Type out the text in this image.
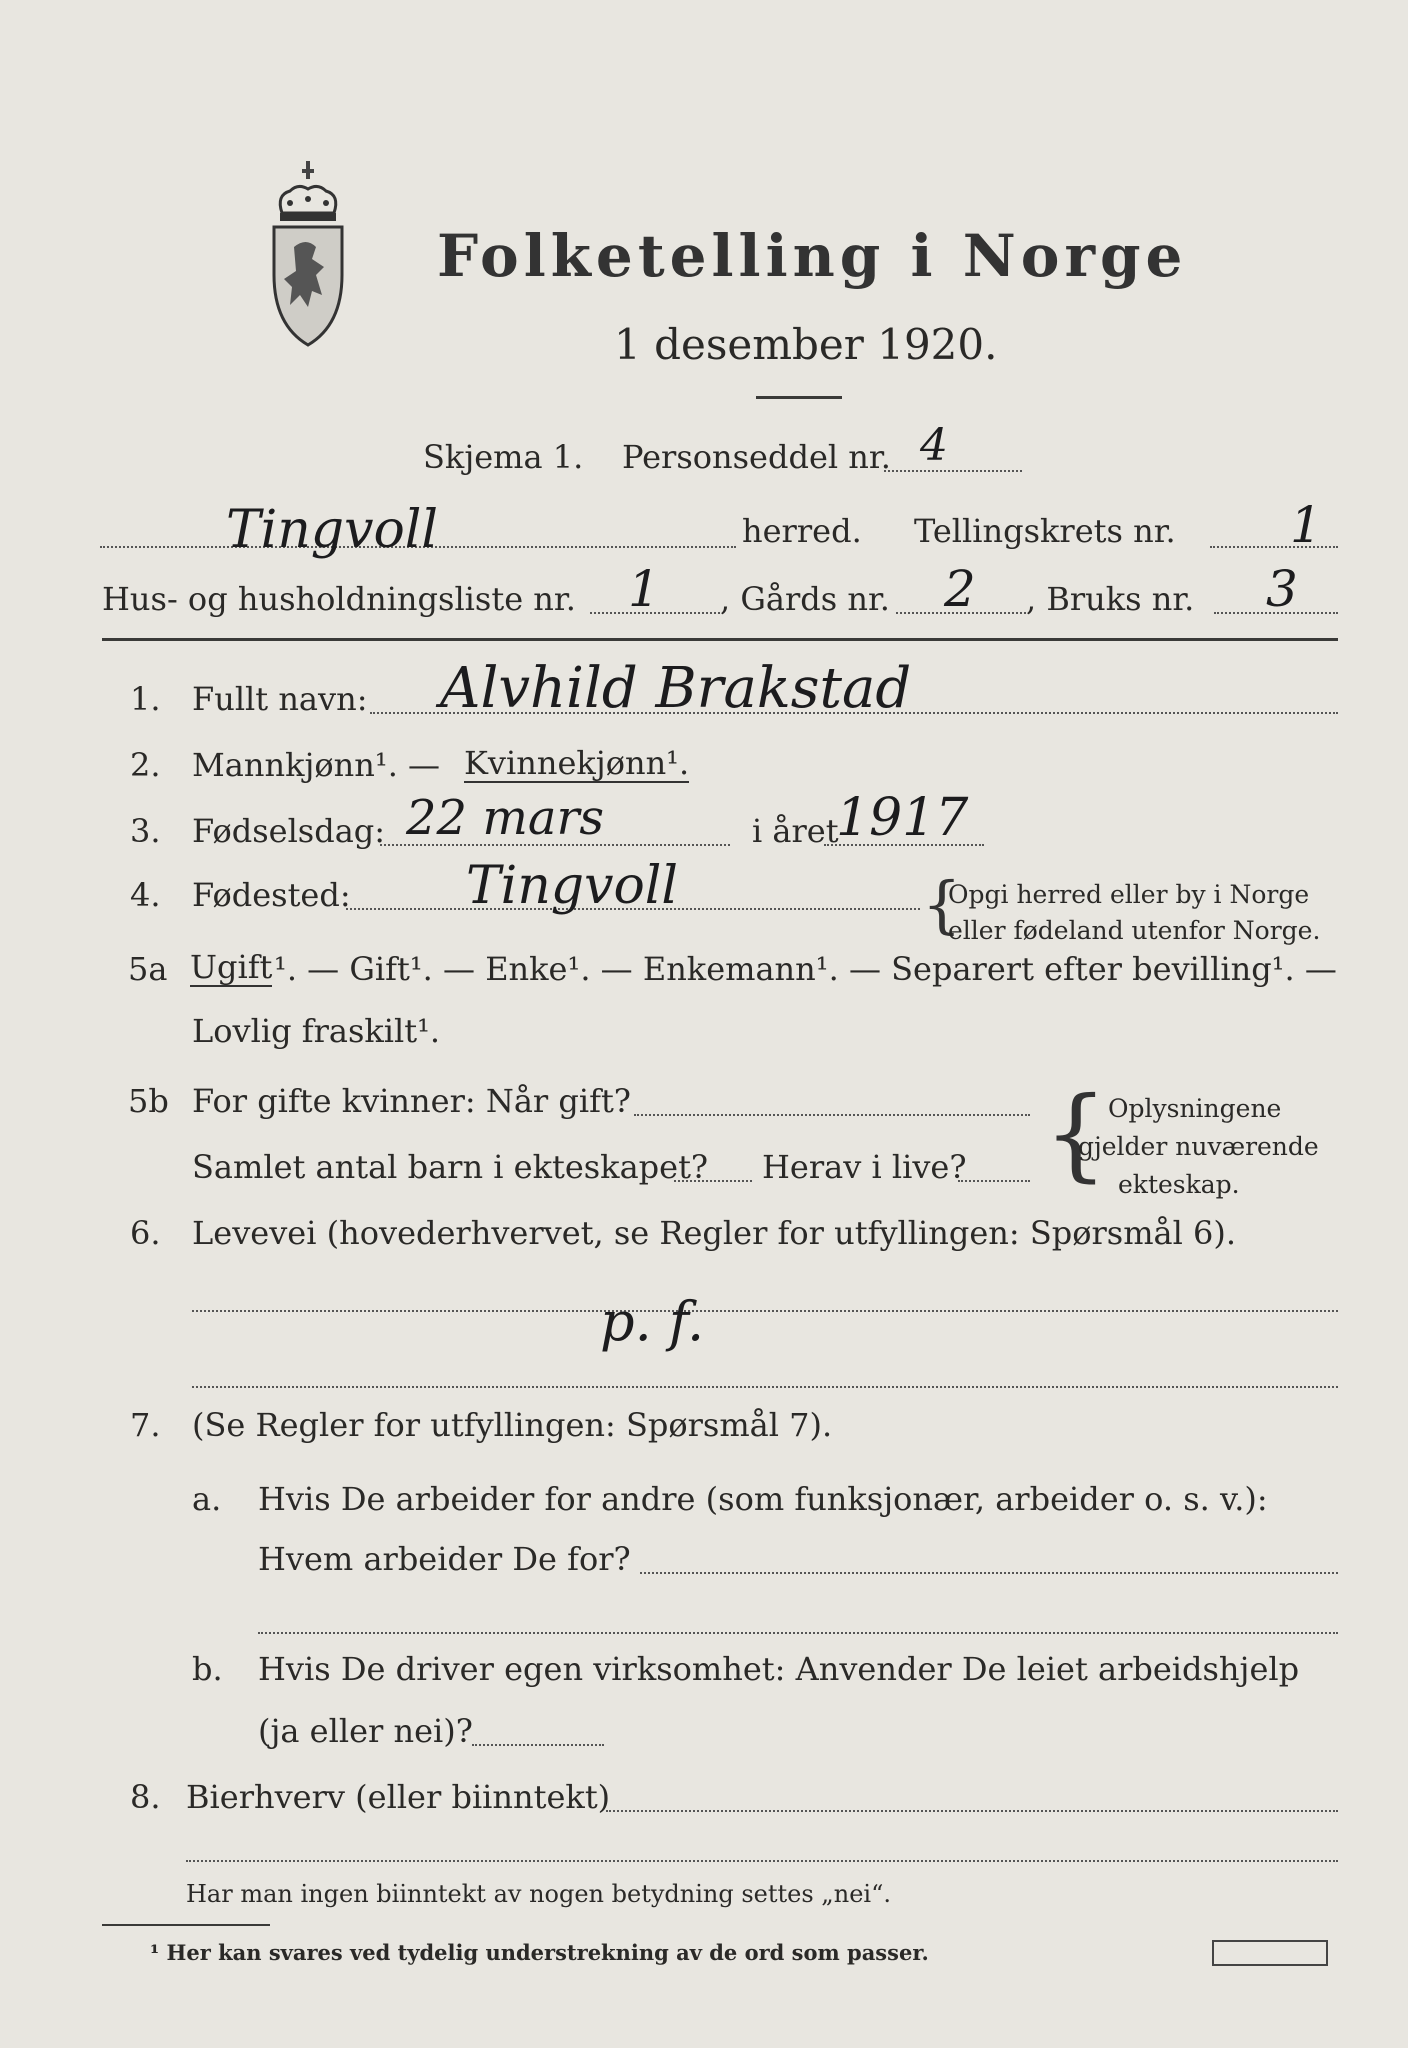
Folketelling i Norge
1 desember 1920.
Skjema 1. Personseddel nr. 4
Tingvoll	herred. Tellingskrets nr. 1
Hus- og husholdningsliste nr. 1 , Gårds nr. 2 , Bruks nr. 3
1. Fullt navn: Alvhild Brakstad
2. Mannkjønn¹. — Kvinnekjønn¹.
3. Fødselsdag: 22 mars	i året
1917
4. Fødested: Tingvoll	{
Opgi herred eller by i Norge
eller fødeland utenfor Norge.
5a Ugift ¹. — Gift¹. — Enke¹. — Enkemann¹. — Separert efter bevilling¹. —
Lovlig fraskilt¹.
5b For gifte kvinner: Når gift?
Samlet antal barn i ekteskapet? Herav i live? { Oplysningene
gjelder nuværende
ekteskap.
6. Levevei (hovederhvervet, se Regler for utfyllingen: Spørsmål 6).
p. f.
7. (Se Regler for utfyllingen: Spørsmål 7).
a. Hvis De arbeider for andre (som funksjonær, arbeider o. s. v.):
Hvem arbeider De for?
b. Hvis De driver egen virksomhet: Anvender De leiet arbeidshjelp
(ja eller nei)?
8. Bierhverv (eller biinntekt)
Har man ingen biinntekt av nogen betydning settes „nei“.
¹ Her kan svares ved tydelig understrekning av de ord som passer.
